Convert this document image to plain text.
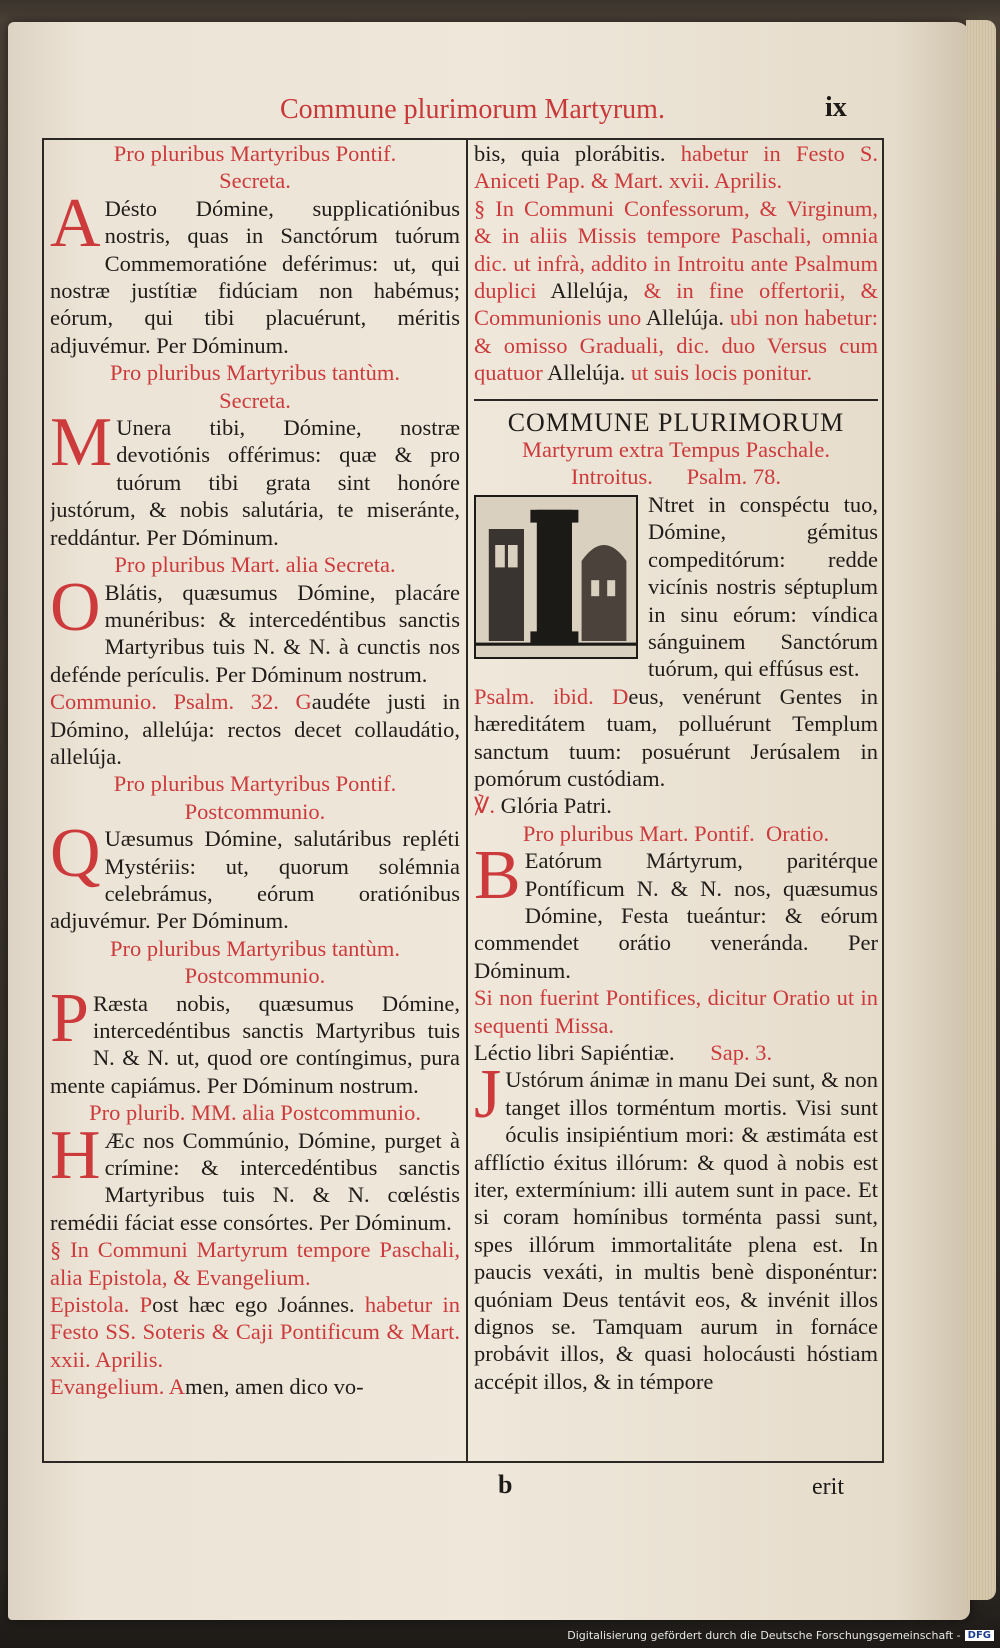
Commune plurimorum Martyrum.	ix

Pro pluribus Martyribus Pontif.

Secreta.

A Désto Dómine, supplicatiónibus nostris, quas in Sanctórum tuórum Commemoratióne deférimus: ut, qui nostræ justítiæ fidúciam non habémus; eórum, qui tibi placuérunt, méritis adjuvémur. Per Dóminum.

Pro pluribus Martyribus tantùm.

Secreta.

M Unera tibi, Dómine, nostræ devotiónis offérimus: quæ & pro tuórum tibi grata sint honóre justórum, & nobis salutária, te miseránte, reddántur. Per Dóminum.

Pro pluribus Mart. alia Secreta.

O Blátis, quæsumus Dómine, placáre munéribus: & intercedéntibus sanctis Martyribus tuis N. & N. à cunctis nos defénde perículis. Per Dóminum nostrum.

Communio. Psalm. 32. Gaudéte justi in Dómino, allelúja: rectos decet collaudátio, allelúja.

Pro pluribus Martyribus Pontif.

Postcommunio.

Q Uæsumus Dómine, salutáribus repléti Mystériis: ut, quorum solémnia celebrámus, eórum oratiónibus adjuvémur. Per Dóminum.

Pro pluribus Martyribus tantùm.

Postcommunio.

P Ræsta nobis, quæsumus Dómine, intercedéntibus sanctis Martyribus tuis N. & N. ut, quod ore contíngimus, pura mente capiámus. Per Dóminum nostrum.

Pro plurib. MM. alia Postcommunio.

H Æc nos Commúnio, Dómine, purget à crímine: & intercedéntibus sanctis Martyribus tuis N. & N. cœléstis remédii fáciat esse consórtes. Per Dóminum.

§ In Communi Martyrum tempore Paschali, alia Epistola, & Evangelium.

Epistola. Post hæc ego Joánnes. habetur in Festo SS. Soteris & Caji Pontificum & Mart. xxii. Aprilis.

Evangelium. Amen, amen dico vo-

bis, quia plorábitis. habetur in Festo S. Aniceti Pap. & Mart. xvii. Aprilis.

§ In Communi Confessorum, & Virginum, & in aliis Missis tempore Paschali, omnia dic. ut infrà, addito in Introitu ante Psalmum duplici Allelúja, & in fine offertorii, & Communionis uno Allelúja. ubi non habetur: & omisso Graduali, dic. duo Versus cum quatuor Allelúja. ut suis locis ponitur.

COMMUNE PLURIMORUM

Martyrum extra Tempus Paschale.

Introitus.      Psalm. 78.

Ntret in conspéctu tuo, Dómine, gémitus compeditórum: redde vicínis nostris séptuplum in sinu eórum: víndica sánguinem Sanctórum tuórum, qui effúsus est.

Psalm. ibid. Deus, venérunt Gentes in hæreditátem tuam, polluérunt Templum sanctum tuum: posuérunt Jerúsalem in pomórum custódiam.

℣. Glória Patri.

Pro pluribus Mart. Pontif.  Oratio.

B Eatórum Mártyrum, paritérque Pontíficum N. & N. nos, quæsumus Dómine, Festa tueántur: & eórum commendet orátio veneránda. Per Dóminum.

Si non fuerint Pontifices, dicitur Oratio ut in sequenti Missa.

Léctio libri Sapiéntiæ. Sap. 3.

J Ustórum ánimæ in manu Dei sunt, & non tanget illos torméntum mortis. Visi sunt óculis insipiéntium mori: & æstimáta est afflíctio éxitus illórum: & quod à nobis est iter, extermínium: illi autem sunt in pace. Et si coram homínibus torménta passi sunt, spes illórum immortalitáte plena est. In paucis vexáti, in multis benè disponéntur: quóniam Deus tentávit eos, & invénit illos dignos se. Tamquam aurum in fornáce probávit illos, & quasi holocáusti hóstiam accépit illos, & in témpore

b	erit
Digitalisierung gefördert durch die Deutsche Forschungsgemeinschaft - DFG
